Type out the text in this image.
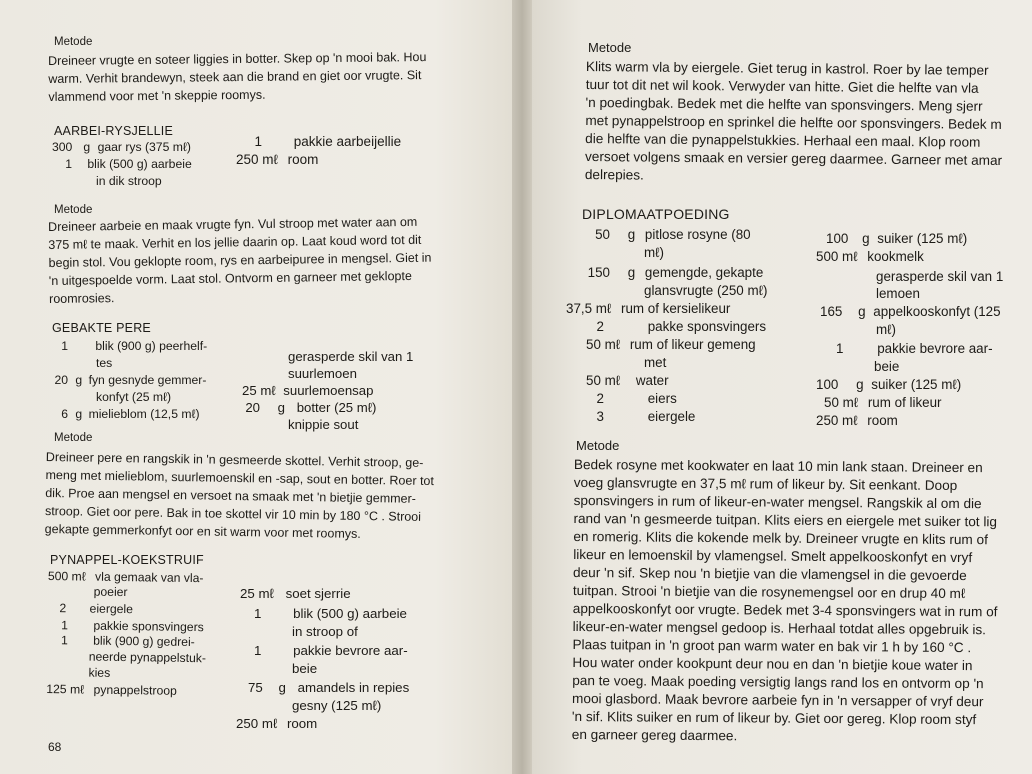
Metode
Dreineer vrugte en soteer liggies in botter. Skep op 'n mooi bak. Hou
warm. Verhit brandewyn, steek aan die brand en giet oor vrugte. Sit
vlammend voor met 'n skeppie roomys.
AARBEI-RYSJELLIE
300 g gaar rys (375 mℓ)
1 blik (500 g) aarbeie
in dik stroop
1 pakkie aarbeijellie
250 mℓ room
Metode
Dreineer aarbeie en maak vrugte fyn. Vul stroop met water aan om
375 mℓ te maak. Verhit en los jellie daarin op. Laat koud word tot dit
begin stol. Vou geklopte room, rys en aarbeipuree in mengsel. Giet in
'n uitgespoelde vorm. Laat stol. Ontvorm en garneer met geklopte
roomrosies.
GEBAKTE PERE
1 blik (900 g) peerhelf-
tes
20 g fyn gesnyde gemmer-
konfyt (25 mℓ)
6 g mielieblom (12,5 mℓ)
gerasperde skil van 1
suurlemoen
25 mℓ suurlemoensap
20 g botter (25 mℓ)
knippie sout
Metode
Dreineer pere en rangskik in 'n gesmeerde skottel. Verhit stroop, ge-
meng met mielieblom, suurlemoenskil en -sap, sout en botter. Roer tot
dik. Proe aan mengsel en versoet na smaak met 'n bietjie gemmer-
stroop. Giet oor pere. Bak in toe skottel vir 10 min by 180 °C . Strooi
gekapte gemmerkonfyt oor en sit warm voor met roomys.
PYNAPPEL-KOEKSTRUIF
500 mℓ vla gemaak van vla-
poeier
2 eiergele
1 pakkie sponsvingers
1 blik (900 g) gedrei-
neerde pynappelstuk-
kies
125 mℓ pynappelstroop
25 mℓ soet sjerrie
1 blik (500 g) aarbeie
in stroop of
1 pakkie bevrore aar-
beie
75 g amandels in repies
gesny (125 mℓ)
250 mℓ room
68
Metode
Klits warm vla by eiergele. Giet terug in kastrol. Roer by lae temper
tuur tot dit net wil kook. Verwyder van hitte. Giet die helfte van vla
'n poedingbak. Bedek met die helfte van sponsvingers. Meng sjerr
met pynappelstroop en sprinkel die helfte oor sponsvingers. Bedek m
die helfte van die pynappelstukkies. Herhaal een maal. Klop room
versoet volgens smaak en versier gereg daarmee. Garneer met amar
delrepies.
DIPLOMAATPOEDING
50 g pitlose rosyne (80
mℓ)
150 g gemengde, gekapte
glansvrugte (250 mℓ)
37,5 mℓ rum of kersielikeur
2	pakke sponsvingers
50 mℓ rum of likeur gemeng
met
50 mℓ water
2	eiers
3	eiergele
100 g suiker (125 mℓ)
500 mℓ kookmelk
gerasperde skil van 1
lemoen
165 g appelkooskonfyt (125
mℓ)
1	pakkie bevrore aar-
beie
100 g suiker (125 mℓ)
50 mℓ rum of likeur
250 mℓ room
Metode
Bedek rosyne met kookwater en laat 10 min lank staan. Dreineer en
voeg glansvrugte en 37,5 mℓ rum of likeur by. Sit eenkant. Doop
sponsvingers in rum of likeur-en-water mengsel. Rangskik al om die
rand van 'n gesmeerde tuitpan. Klits eiers en eiergele met suiker tot lig
en romerig. Klits die kokende melk by. Dreineer vrugte en klits rum of
likeur en lemoenskil by vlamengsel. Smelt appelkooskonfyt en vryf
deur 'n sif. Skep nou 'n bietjie van die vlamengsel in die gevoerde
tuitpan. Strooi 'n bietjie van die rosynemengsel oor en drup 40 mℓ
appelkooskonfyt oor vrugte. Bedek met 3-4 sponsvingers wat in rum of
likeur-en-water mengsel gedoop is. Herhaal totdat alles opgebruik is.
Plaas tuitpan in 'n groot pan warm water en bak vir 1 h by 160 °C .
Hou water onder kookpunt deur nou en dan 'n bietjie koue water in
pan te voeg. Maak poeding versigtig langs rand los en ontvorm op 'n
mooi glasbord. Maak bevrore aarbeie fyn in 'n versapper of vryf deur
'n sif. Klits suiker en rum of likeur by. Giet oor gereg. Klop room styf
en garneer gereg daarmee.
